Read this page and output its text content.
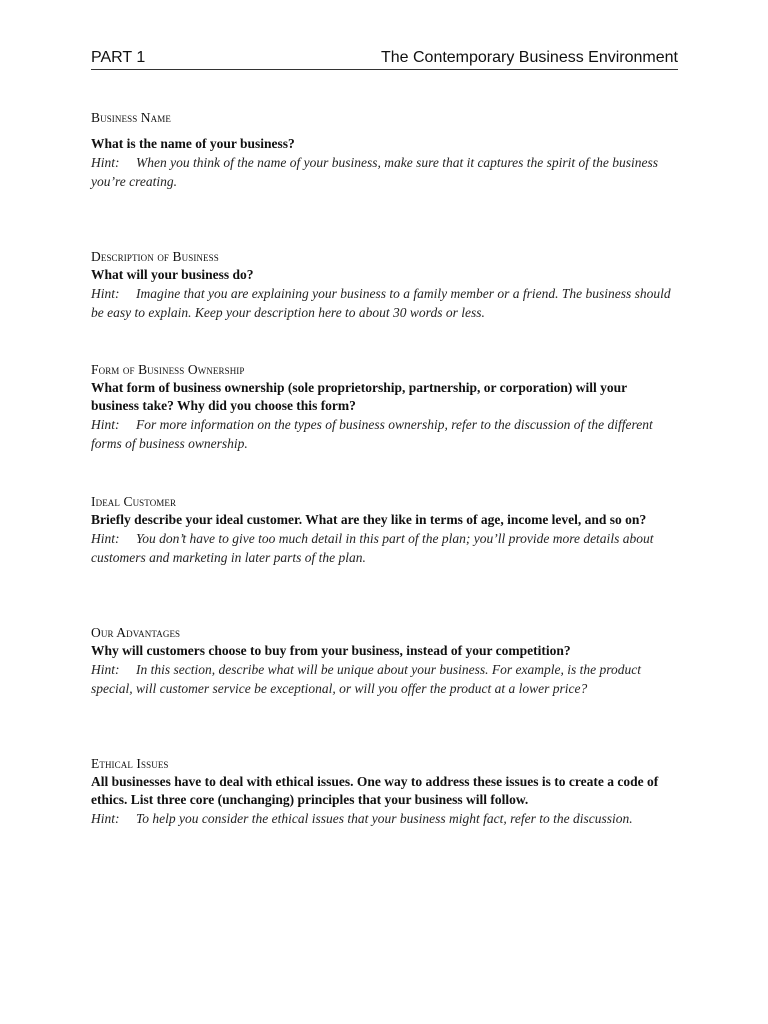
PART 1	The Contemporary Business Environment

Business Name

What is the name of your business?

Hint: When you think of the name of your business, make sure that it captures the spirit of the business you’re creating.

Description of Business

What will your business do?

Hint: Imagine that you are explaining your business to a family member or a friend. The business should be easy to explain. Keep your description here to about 30 words or less.

Form of Business Ownership

What form of business ownership (sole proprietorship, partnership, or corporation) will your business take? Why did you choose this form?

Hint: For more information on the types of business ownership, refer to the discussion of the different forms of business ownership.

Ideal Customer

Briefly describe your ideal customer. What are they like in terms of age, income level, and so on?

Hint: You don’t have to give too much detail in this part of the plan; you’ll provide more details about customers and marketing in later parts of the plan.

Our Advantages

Why will customers choose to buy from your business, instead of your competition?

Hint: In this section, describe what will be unique about your business. For example, is the product special, will customer service be exceptional, or will you offer the product at a lower price?

Ethical Issues

All businesses have to deal with ethical issues. One way to address these issues is to create a code of ethics. List three core (unchanging) principles that your business will follow.

Hint: To help you consider the ethical issues that your business might fact, refer to the discussion.
